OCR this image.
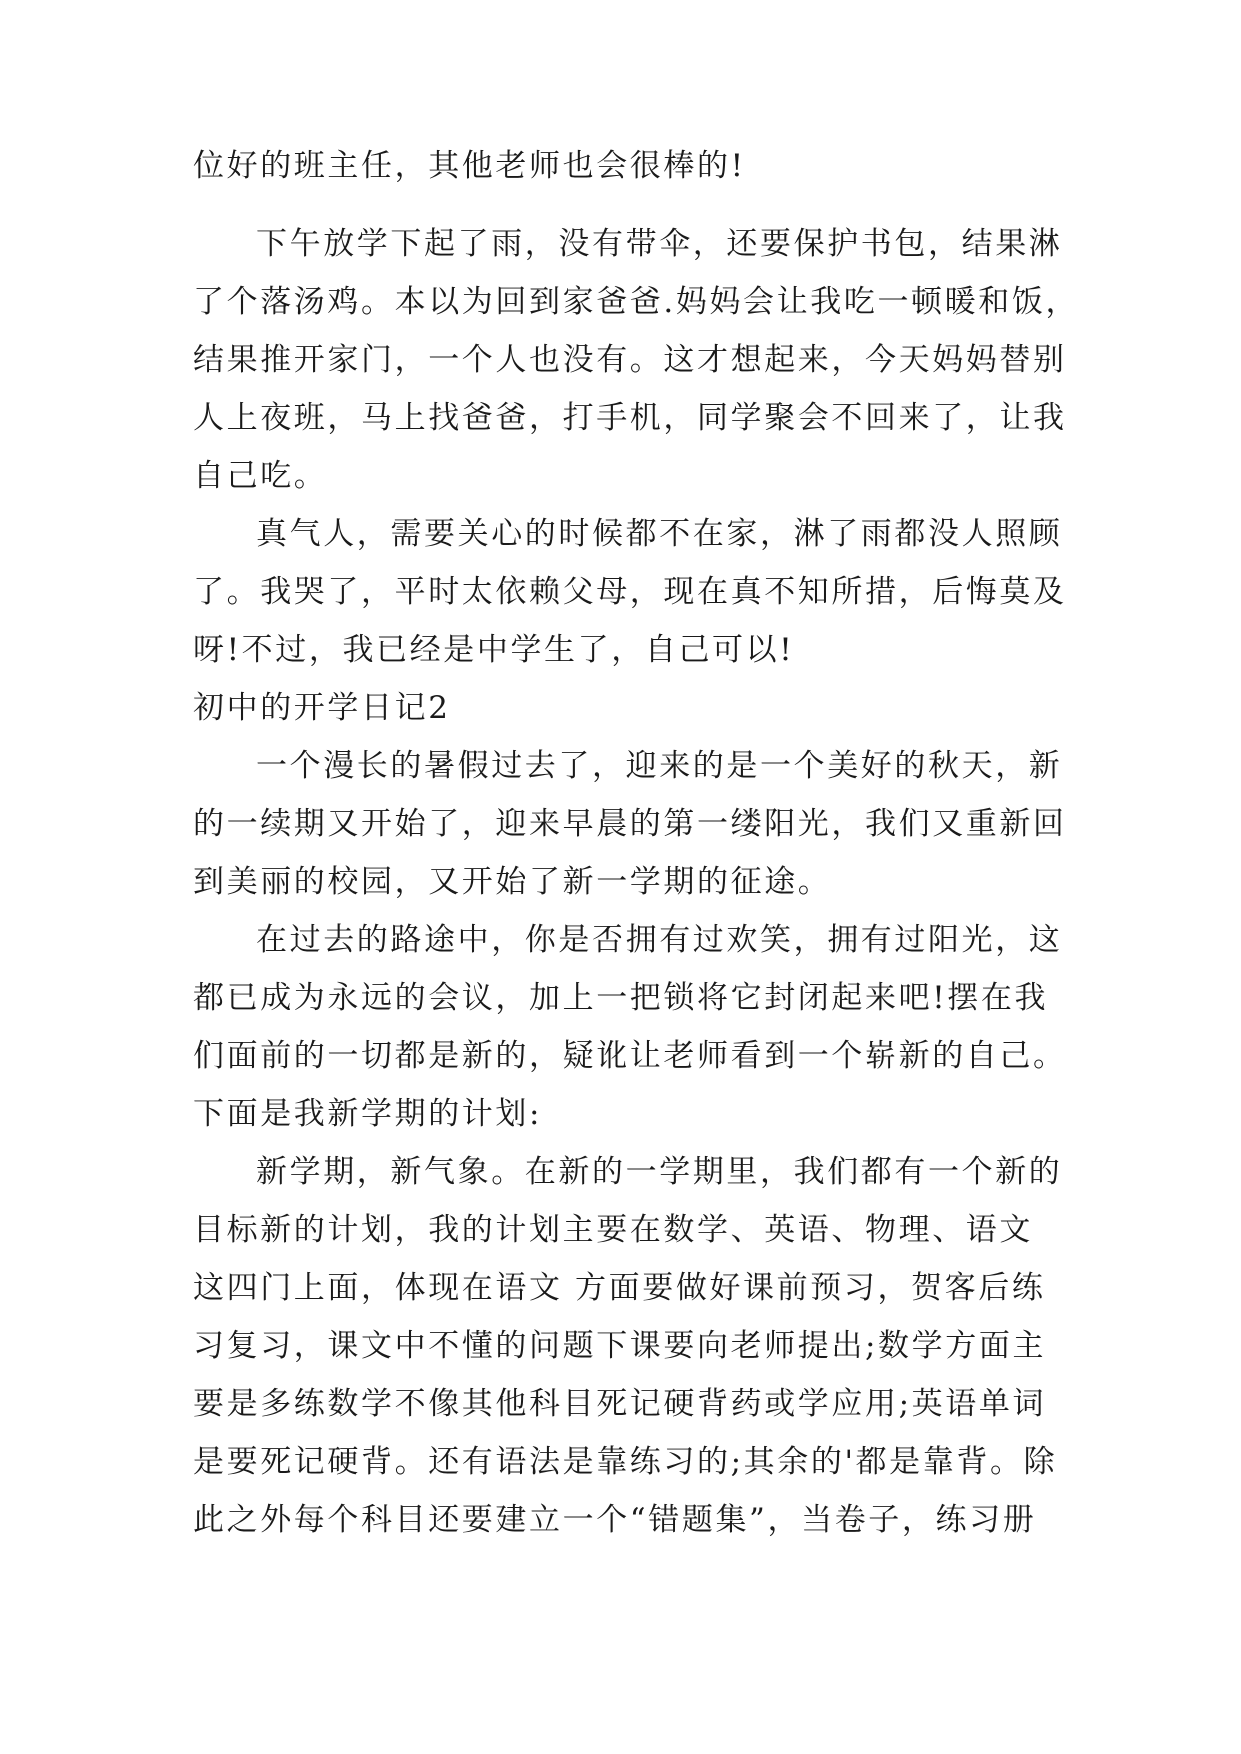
位好的班主任，其他老师也会很棒的!
下午放学下起了雨，没有带伞，还要保护书包，结果淋
了个落汤鸡。本以为回到家爸爸.妈妈会让我吃一顿暖和饭，
结果推开家门，一个人也没有。这才想起来，今天妈妈替别
人上夜班，马上找爸爸，打手机，同学聚会不回来了，让我
自己吃。
真气人，需要关心的时候都不在家，淋了雨都没人照顾
了。我哭了，平时太依赖父母，现在真不知所措，后悔莫及
呀!不过，我已经是中学生了，自己可以!
初中的开学日记2
一个漫长的暑假过去了，迎来的是一个美好的秋天，新
的一续期又开始了，迎来早晨的第一缕阳光，我们又重新回
到美丽的校园，又开始了新一学期的征途。
在过去的路途中，你是否拥有过欢笑，拥有过阳光，这
都已成为永远的会议，加上一把锁将它封闭起来吧!摆在我
们面前的一切都是新的，疑讹让老师看到一个崭新的自己。
下面是我新学期的计划:
新学期，新气象。在新的一学期里，我们都有一个新的
目标新的计划，我的计划主要在数学、英语、物理、语文
这四门上面，体现在语文 方面要做好课前预习，贺客后练
习复习，课文中不懂的问题下课要向老师提出;数学方面主
要是多练数学不像其他科目死记硬背药或学应用;英语单词
是要死记硬背。还有语法是靠练习的;其余的'都是靠背。除
此之外每个科目还要建立一个“错题集”，当卷子，练习册
